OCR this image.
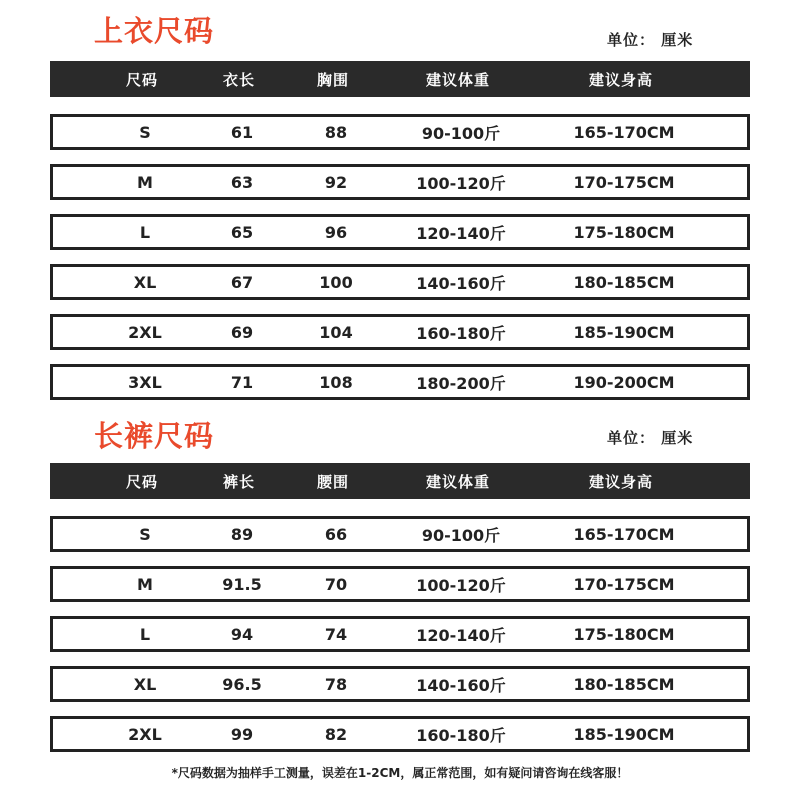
上衣尺码	单位： 厘米
尺码	衣长	胸围	建议体重	建议身高
S	61	88	90-100斤	165-170CM
M	63	92	100-120斤	170-175CM
L	65	96	120-140斤	175-180CM
XL	67	100	140-160斤	180-185CM
2XL	69	104	160-180斤	185-190CM
3XL	71	108	180-200斤	190-200CM
长裤尺码	单位： 厘米
尺码	裤长	腰围	建议体重	建议身高
S	89	66	90-100斤	165-170CM
M	91.5	70	100-120斤	170-175CM
L	94	74	120-140斤	175-180CM
XL	96.5	78	140-160斤	180-185CM
2XL	99	82	160-180斤	185-190CM
*尺码数据为抽样手工测量，误差在1-2CM，属正常范围，如有疑问请咨询在线客服！
